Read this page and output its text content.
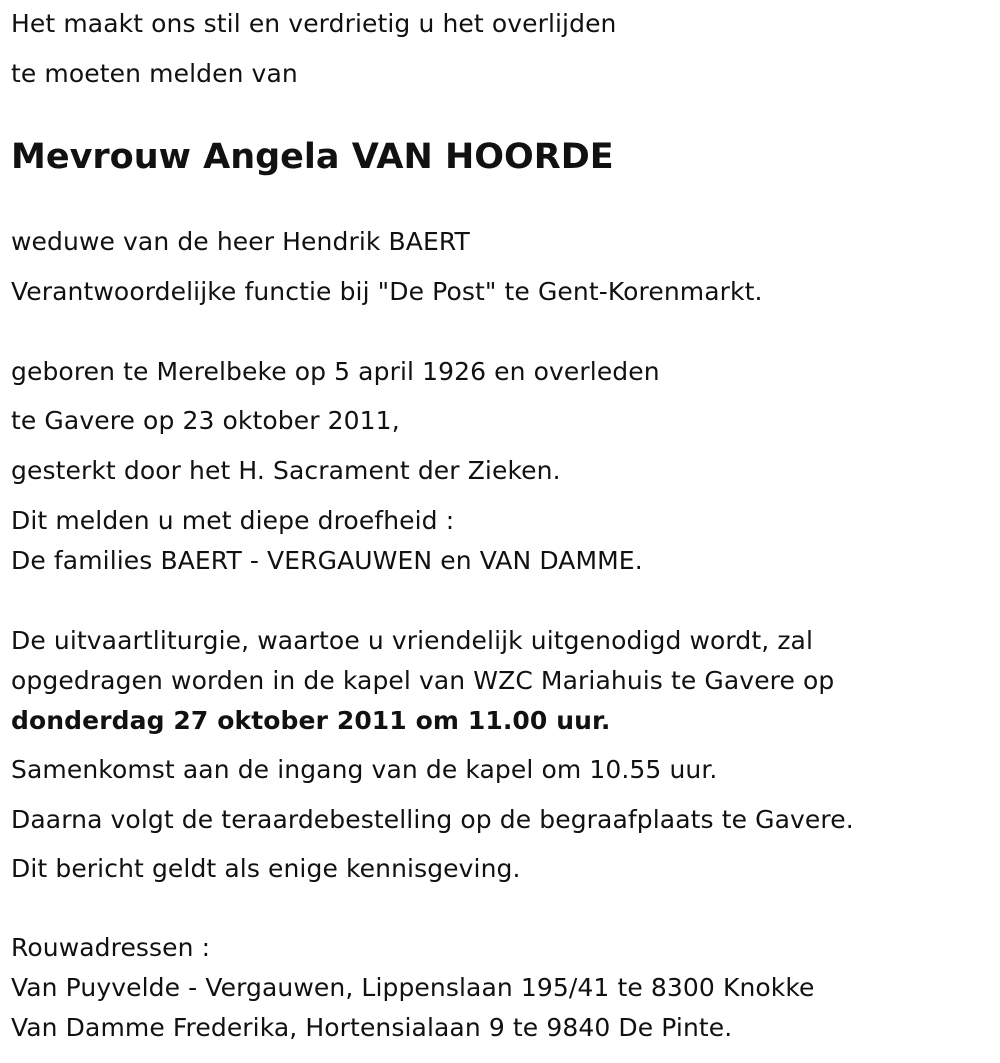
Het maakt ons stil en verdrietig u het overlijden
te moeten melden van
Mevrouw Angela VAN HOORDE
weduwe van de heer Hendrik BAERT
Verantwoordelijke functie bij "De Post" te Gent-Korenmarkt.
geboren te Merelbeke op 5 april 1926 en overleden
te Gavere op 23 oktober 2011,
gesterkt door het H. Sacrament der Zieken.
Dit melden u met diepe droefheid :
De families BAERT - VERGAUWEN en VAN DAMME.
De uitvaartliturgie, waartoe u vriendelijk uitgenodigd wordt, zal
opgedragen worden in de kapel van WZC Mariahuis te Gavere op
donderdag 27 oktober 2011 om 11.00 uur.
Samenkomst aan de ingang van de kapel om 10.55 uur.
Daarna volgt de teraardebestelling op de begraafplaats te Gavere.
Dit bericht geldt als enige kennisgeving.
Rouwadressen :
Van Puyvelde - Vergauwen, Lippenslaan 195/41 te 8300 Knokke
Van Damme Frederika, Hortensialaan 9 te 9840 De Pinte.
